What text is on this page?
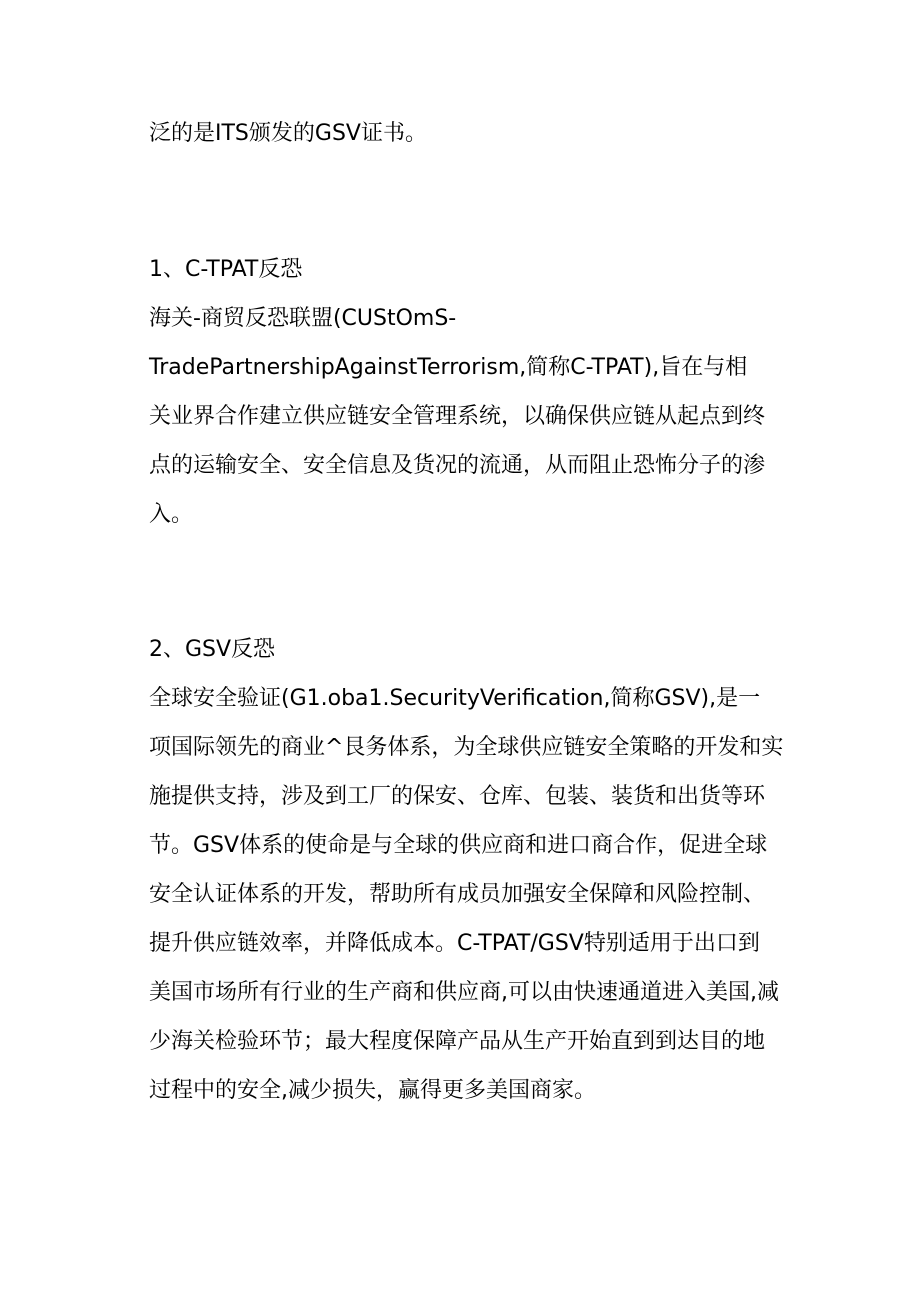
泛的是ITS颁发的GSV证书。
1、C-TPAT反恐
海关-商贸反恐联盟(CUStOmS-
TradePartnershipAgainstTerrorism,简称C-TPAT),旨在与相
关业界合作建立供应链安全管理系统，以确保供应链从起点到终
点的运输安全、安全信息及货况的流通，从而阻止恐怖分子的渗
入。
2、GSV反恐
全球安全验证(G1.oba1.SecurityVerification,简称GSV),是一
项国际领先的商业^艮务体系，为全球供应链安全策略的开发和实
施提供支持，涉及到工厂的保安、仓库、包装、装货和出货等环
节。GSV体系的使命是与全球的供应商和进口商合作，促进全球
安全认证体系的开发，帮助所有成员加强安全保障和风险控制、
提升供应链效率，并降低成本。C-TPAT/GSV特别适用于出口到
美国市场所有行业的生产商和供应商,可以由快速通道进入美国,减
少海关检验环节；最大程度保障产品从生产开始直到到达目的地
过程中的安全,减少损失，赢得更多美国商家。
